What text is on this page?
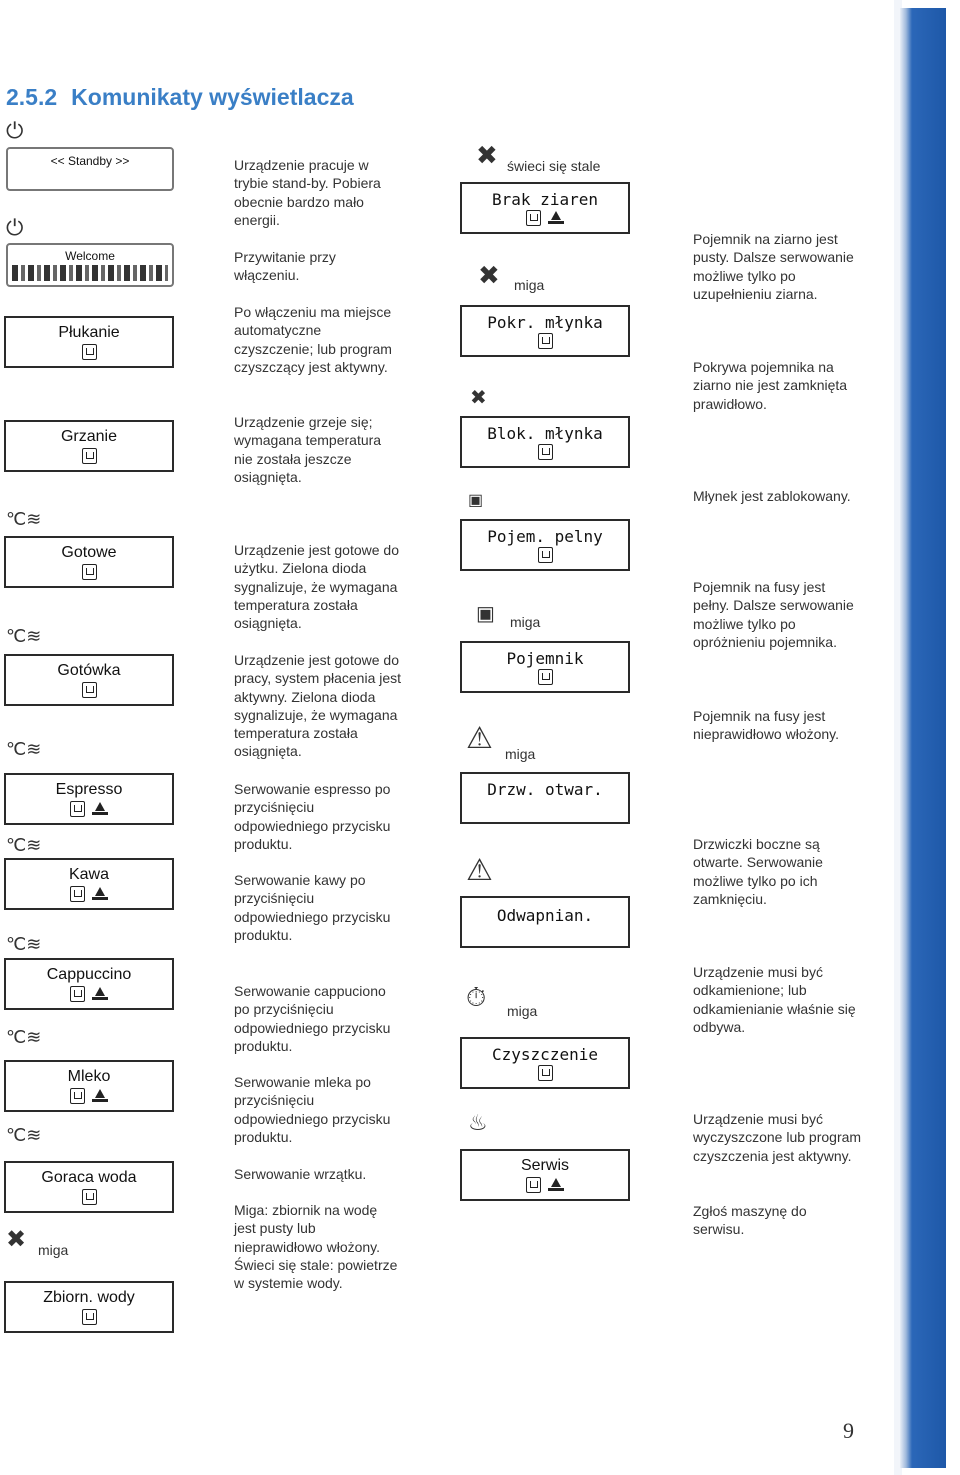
2.5.2 Komunikaty wyświetlacza
⏻
⏻
℃≋
℃≋
℃≋
℃≋
℃≋
℃≋
℃≋
✖ miga
<< Standby >>
Welcome
Płukanie
Grzanie
Gotowe
Gotówka
Espresso
Kawa
Cappuccino
Mleko
Goraca woda
Zbiorn. wody
Urządzenie pracuje w trybie stand-by. Pobiera obecnie bardzo mało energii.
Przywitanie przy włączeniu.
Po włączeniu ma miejsce automatyczne czyszczenie; lub program czyszczący jest aktywny.
Urządzenie grzeje się; wymagana temperatura nie została jeszcze osiągnięta.
Urządzenie jest gotowe do użytku. Zielona dioda sygnalizuje, że wymagana temperatura została osiągnięta.
Urządzenie jest gotowe do pracy, system płacenia jest aktywny. Zielona dioda sygnalizuje, że wymagana temperatura została osiągnięta.
Serwowanie espresso po przyciśnięciu odpowiedniego przycisku produktu.
Serwowanie kawy po przyciśnięciu odpowiedniego przycisku produktu.
Serwowanie cappuciono po przyciśnięciu odpowiedniego przycisku produktu.
Serwowanie mleka po przyciśnięciu odpowiedniego przycisku produktu.
Serwowanie wrzątku.
Miga: zbiornik na wodę jest pusty lub nieprawidłowo włożony. Świeci się stale: powietrze w systemie wody.
✖ świeci się stale
✖ miga
✖
▣
▣ miga
⚠ miga
⚠
⏱ miga
♨
Brak ziaren
Pokr. młynka
Blok. młynka
Pojem. pelny
Pojemnik
Drzw. otwar.
Odwapnian.
Czyszczenie
Serwis
Pojemnik na ziarno jest pusty. Dalsze serwowanie możliwe tylko po uzupełnieniu ziarna.
Pokrywa pojemnika na ziarno nie jest zamknięta prawidłowo.
Młynek jest zablokowany.
Pojemnik na fusy jest pełny. Dalsze serwowanie możliwe tylko po opróżnieniu pojemnika.
Pojemnik na fusy jest nieprawidłowo włożony.
Drzwiczki boczne są otwarte. Serwowanie możliwe tylko po ich zamknięciu.
Urządzenie musi być odkamienione; lub odkamienianie właśnie się odbywa.
Urządzenie musi być wyczyszczone lub program czyszczenia jest aktywny.
Zgłoś maszynę do serwisu.
9
